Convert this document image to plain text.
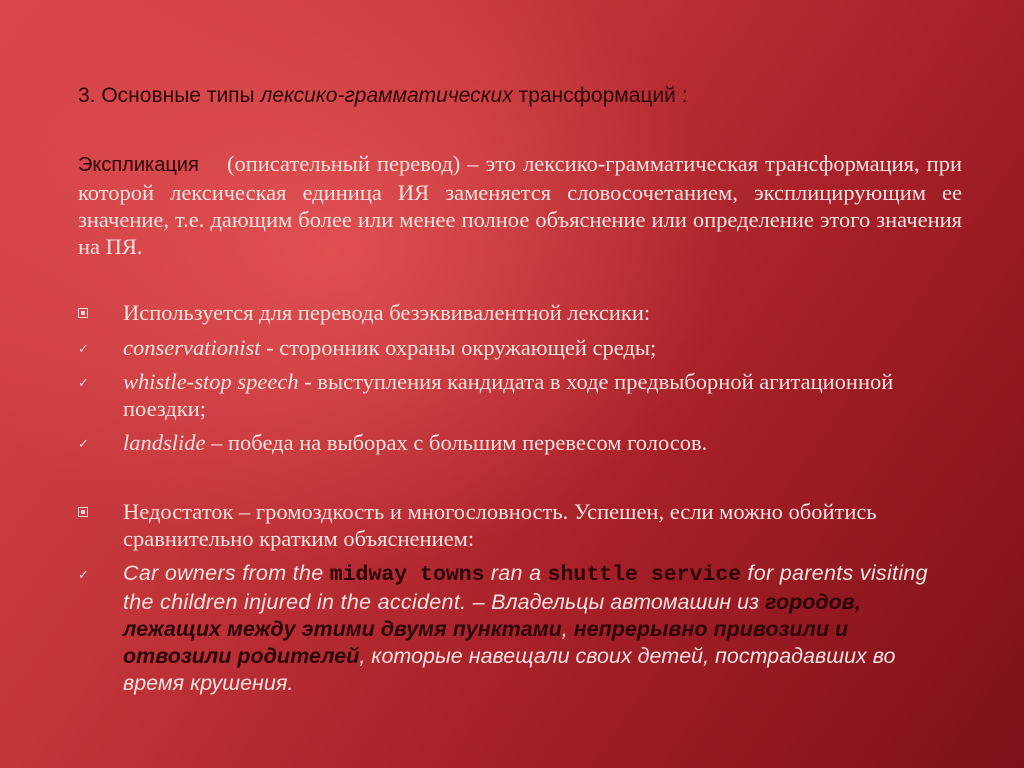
3. Основные типы лексико-грамматических трансформаций :
Экспликация (описательный перевод) – это лексико-грамматическая трансформация, при которой лексическая единица ИЯ заменяется словосочетанием, эксплицирующим ее значение, т.е. дающим более или менее полное объяснение или определение этого значения на ПЯ.
Используется для перевода безэквивалентной лексики:
✓	conservationist - сторонник охраны окружающей среды;
✓	whistle-stop speech - выступления кандидата в ходе предвыборной агитационной поездки;
✓	landslide – победа на выборах с большим перевесом голосов.
Недостаток – громоздкость и многословность. Успешен, если можно обойтись сравнительно кратким объяснением:
✓	Car owners from the midway towns ran a shuttle service for parents visiting the children injured in the accident. – Владельцы автомашин из городов, лежащих между этими двумя пунктами, непрерывно привозили и отвозили родителей, которые навещали своих детей, пострадавших во время крушения.
